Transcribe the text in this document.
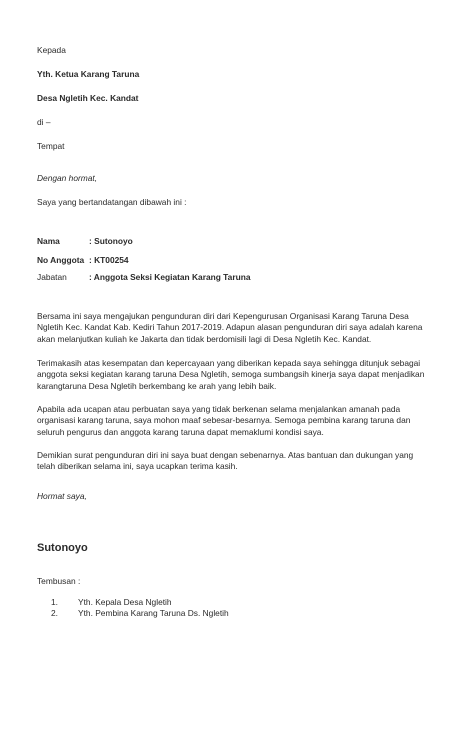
Kepada
Yth. Ketua Karang Taruna
Desa Ngletih Kec. Kandat
di –
Tempat
Dengan hormat,
Saya yang bertandatangan dibawah ini :
Nama	: Sutonoyo
No Anggota : KT00254
Jabatan	: Anggota Seksi Kegiatan Karang Taruna
Bersama ini saya mengajukan pengunduran diri dari Kepengurusan Organisasi Karang Taruna Desa
Ngletih Kec. Kandat Kab. Kediri Tahun 2017-2019. Adapun alasan pengunduran diri saya adalah karena
akan melanjutkan kuliah ke Jakarta dan tidak berdomisili lagi di Desa Ngletih Kec. Kandat.
Terimakasih atas kesempatan dan kepercayaan yang diberikan kepada saya sehingga ditunjuk sebagai
anggota seksi kegiatan karang taruna Desa Ngletih, semoga sumbangsih kinerja saya dapat menjadikan
karangtaruna Desa Ngletih berkembang ke arah yang lebih baik.
Apabila ada ucapan atau perbuatan saya yang tidak berkenan selama menjalankan amanah pada
organisasi karang taruna, saya mohon maaf sebesar-besarnya. Semoga pembina karang taruna dan
seluruh pengurus dan anggota karang taruna dapat memaklumi kondisi saya.
Demikian surat pengunduran diri ini saya buat dengan sebenarnya. Atas bantuan dan dukungan yang
telah diberikan selama ini, saya ucapkan terima kasih.
Hormat saya,
Sutonoyo
Tembusan :
1. Yth. Kepala Desa Ngletih
2. Yth. Pembina Karang Taruna Ds. Ngletih
